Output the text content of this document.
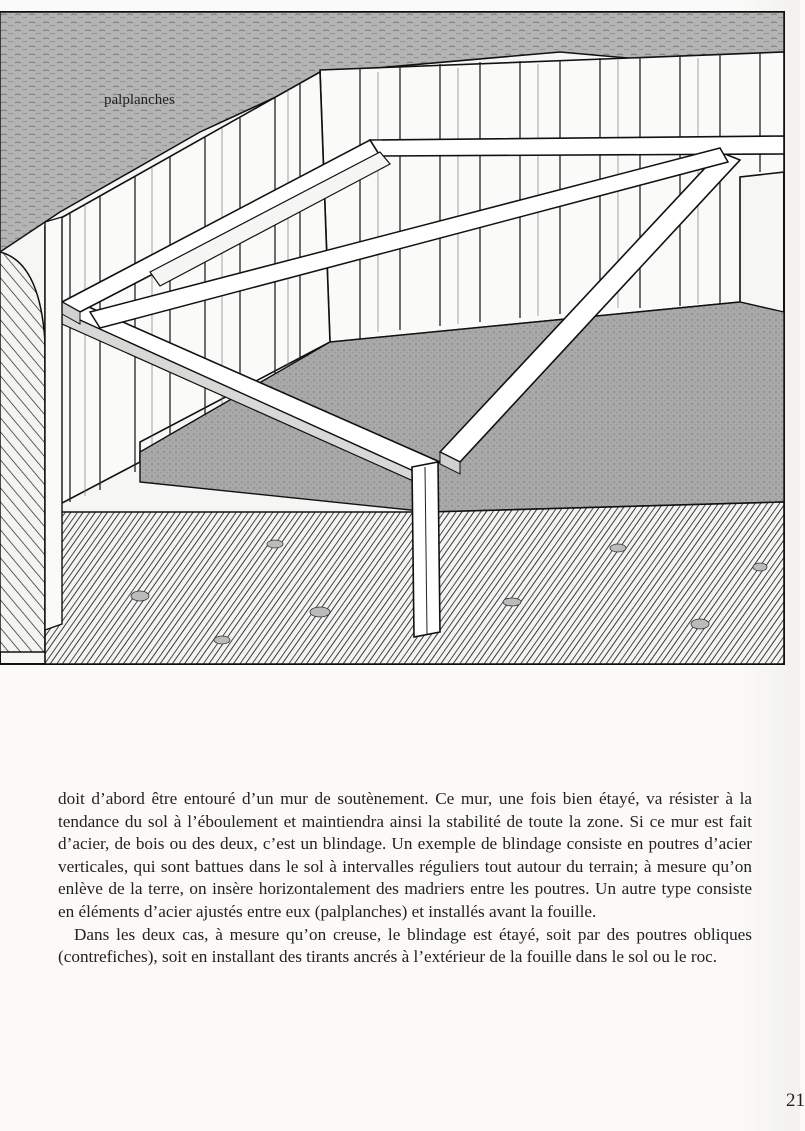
palplanches

doit d’abord être entouré d’un mur de soutènement. Ce mur, une fois bien étayé, va résister à la tendance du sol à l’éboulement et maintiendra ainsi la stabilité de toute la zone. Si ce mur est fait d’acier, de bois ou des deux, c’est un blindage. Un exemple de blindage consiste en poutres d’acier verticales, qui sont battues dans le sol à intervalles réguliers tout autour du terrain; à mesure qu’on enlève de la terre, on insère horizontalement des madriers entre les poutres. Un autre type consiste en éléments d’acier ajustés entre eux (palplanches) et installés avant la fouille.

Dans les deux cas, à mesure qu’on creuse, le blindage est étayé, soit par des poutres obliques (contrefiches), soit en installant des tirants ancrés à l’extérieur de la fouille dans le sol ou le roc.

21
